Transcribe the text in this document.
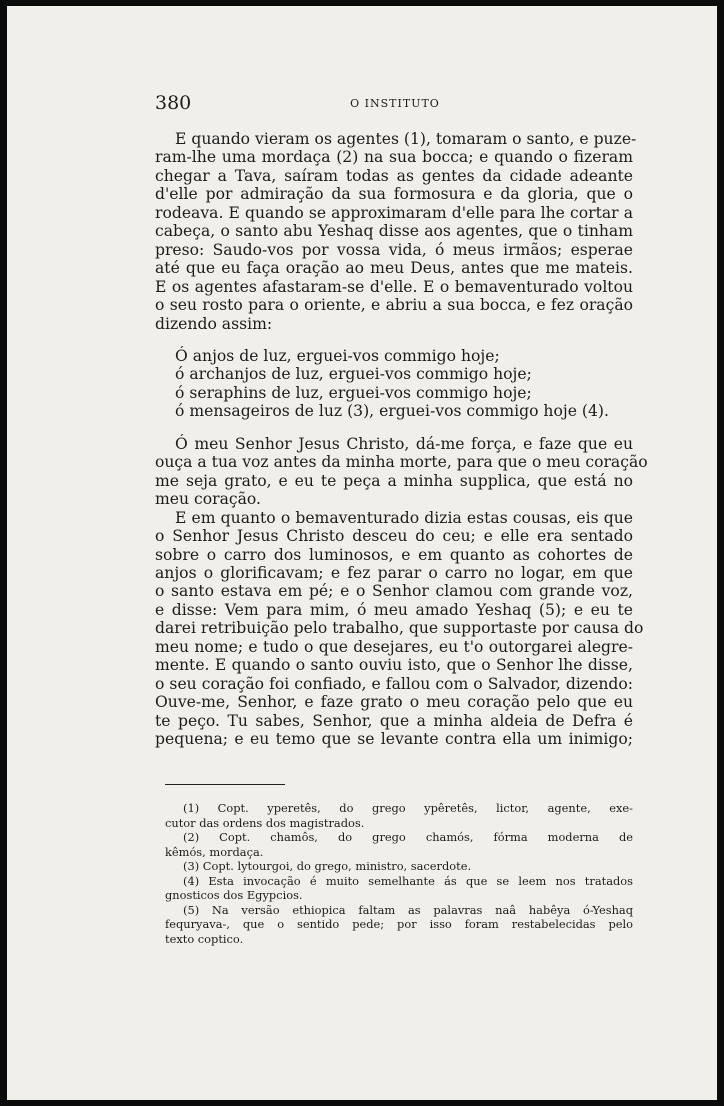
380	O INSTITUTO

E quando vieram os agentes (1), tomaram o santo, e puze-

ram-lhe uma mordaça (2) na sua bocca; e quando o fizeram

chegar a Tava, saíram todas as gentes da cidade adeante

d'elle por admiração da sua formosura e da gloria, que o

rodeava. E quando se approximaram d'elle para lhe cortar a

cabeça, o santo abu Yeshaq disse aos agentes, que o tinham

preso: Saudo-vos por vossa vida, ó meus irmãos; esperae

até que eu faça oração ao meu Deus, antes que me mateis.

E os agentes afastaram-se d'elle. E o bemaventurado voltou

o seu rosto para o oriente, e abriu a sua bocca, e fez oração

dizendo assim:

Ó anjos de luz, erguei-vos commigo hoje;

ó archanjos de luz, erguei-vos commigo hoje;

ó seraphins de luz, erguei-vos commigo hoje;

ó mensageiros de luz (3), erguei-vos commigo hoje (4).

Ó meu Senhor Jesus Christo, dá-me força, e faze que eu

ouça a tua voz antes da minha morte, para que o meu coração

me seja grato, e eu te peça a minha supplica, que está no

meu coração.

E em quanto o bemaventurado dizia estas cousas, eis que

o Senhor Jesus Christo desceu do ceu; e elle era sentado

sobre o carro dos luminosos, e em quanto as cohortes de

anjos o glorificavam; e fez parar o carro no logar, em que

o santo estava em pé; e o Senhor clamou com grande voz,

e disse: Vem para mim, ó meu amado Yeshaq (5); e eu te

darei retribuição pelo trabalho, que supportaste por causa do

meu nome; e tudo o que desejares, eu t'o outorgarei alegre-

mente. E quando o santo ouviu isto, que o Senhor lhe disse,

o seu coração foi confiado, e fallou com o Salvador, dizendo:

Ouve-me, Senhor, e faze grato o meu coração pelo que eu

te peço. Tu sabes, Senhor, que a minha aldeia de Defra é

pequena; e eu temo que se levante contra ella um inimigo;

(1) Copt. yperetês, do grego ypêretês, lictor, agente, exe-

cutor das ordens dos magistrados.

(2) Copt. chamôs, do grego chamós, fórma moderna de

kêmós, mordaça.

(3) Copt. lytourgoi, do grego, ministro, sacerdote.

(4) Esta invocação é muito semelhante ás que se leem nos tratados

gnosticos dos Egypcios.

(5) Na versão ethiopica faltam as palavras naâ habêya ó-Yeshaq

fequryava-, que o sentido pede; por isso foram restabelecidas pelo

texto coptico.
